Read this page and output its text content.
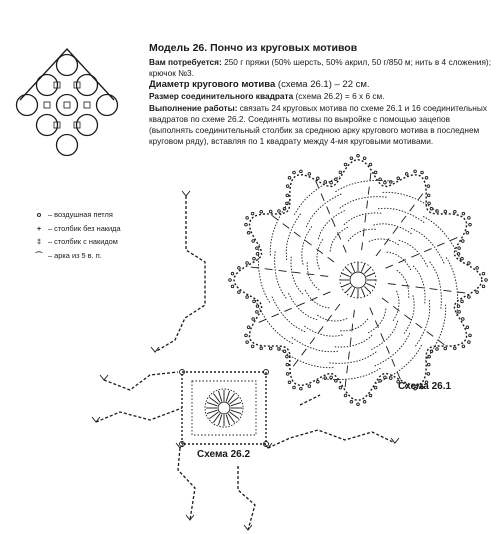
Модель 26. Пончо из круговых мотивов

Вам потребуется: 250 г пряжи (50% шерсть, 50% акрил, 50 г/850 м; нить в 4 сложения); крючок №3.

Диаметр кругового мотива (схема 26.1) – 22 см.

Размер соединительного квадрата (схема 26.2) = 6 х 6 см.

Выполнение работы: связать 24 круговых мотива по схеме 26.1 и 16 соединительных квадратов по схеме 26.2. Соединять мотивы по выкройке с помощью зацепов (выполнять соединительный столбик за среднюю арку кругового мотива в последнем круговом ряду), вставляя по 1 квадрату между 4-мя круговыми мотивами.

o – воздушная петля
+ – столбик без накида
‡ – столбик с накидом
⌒ – арка из 5 в. п.
Схема 26.1
Схема 26.2
